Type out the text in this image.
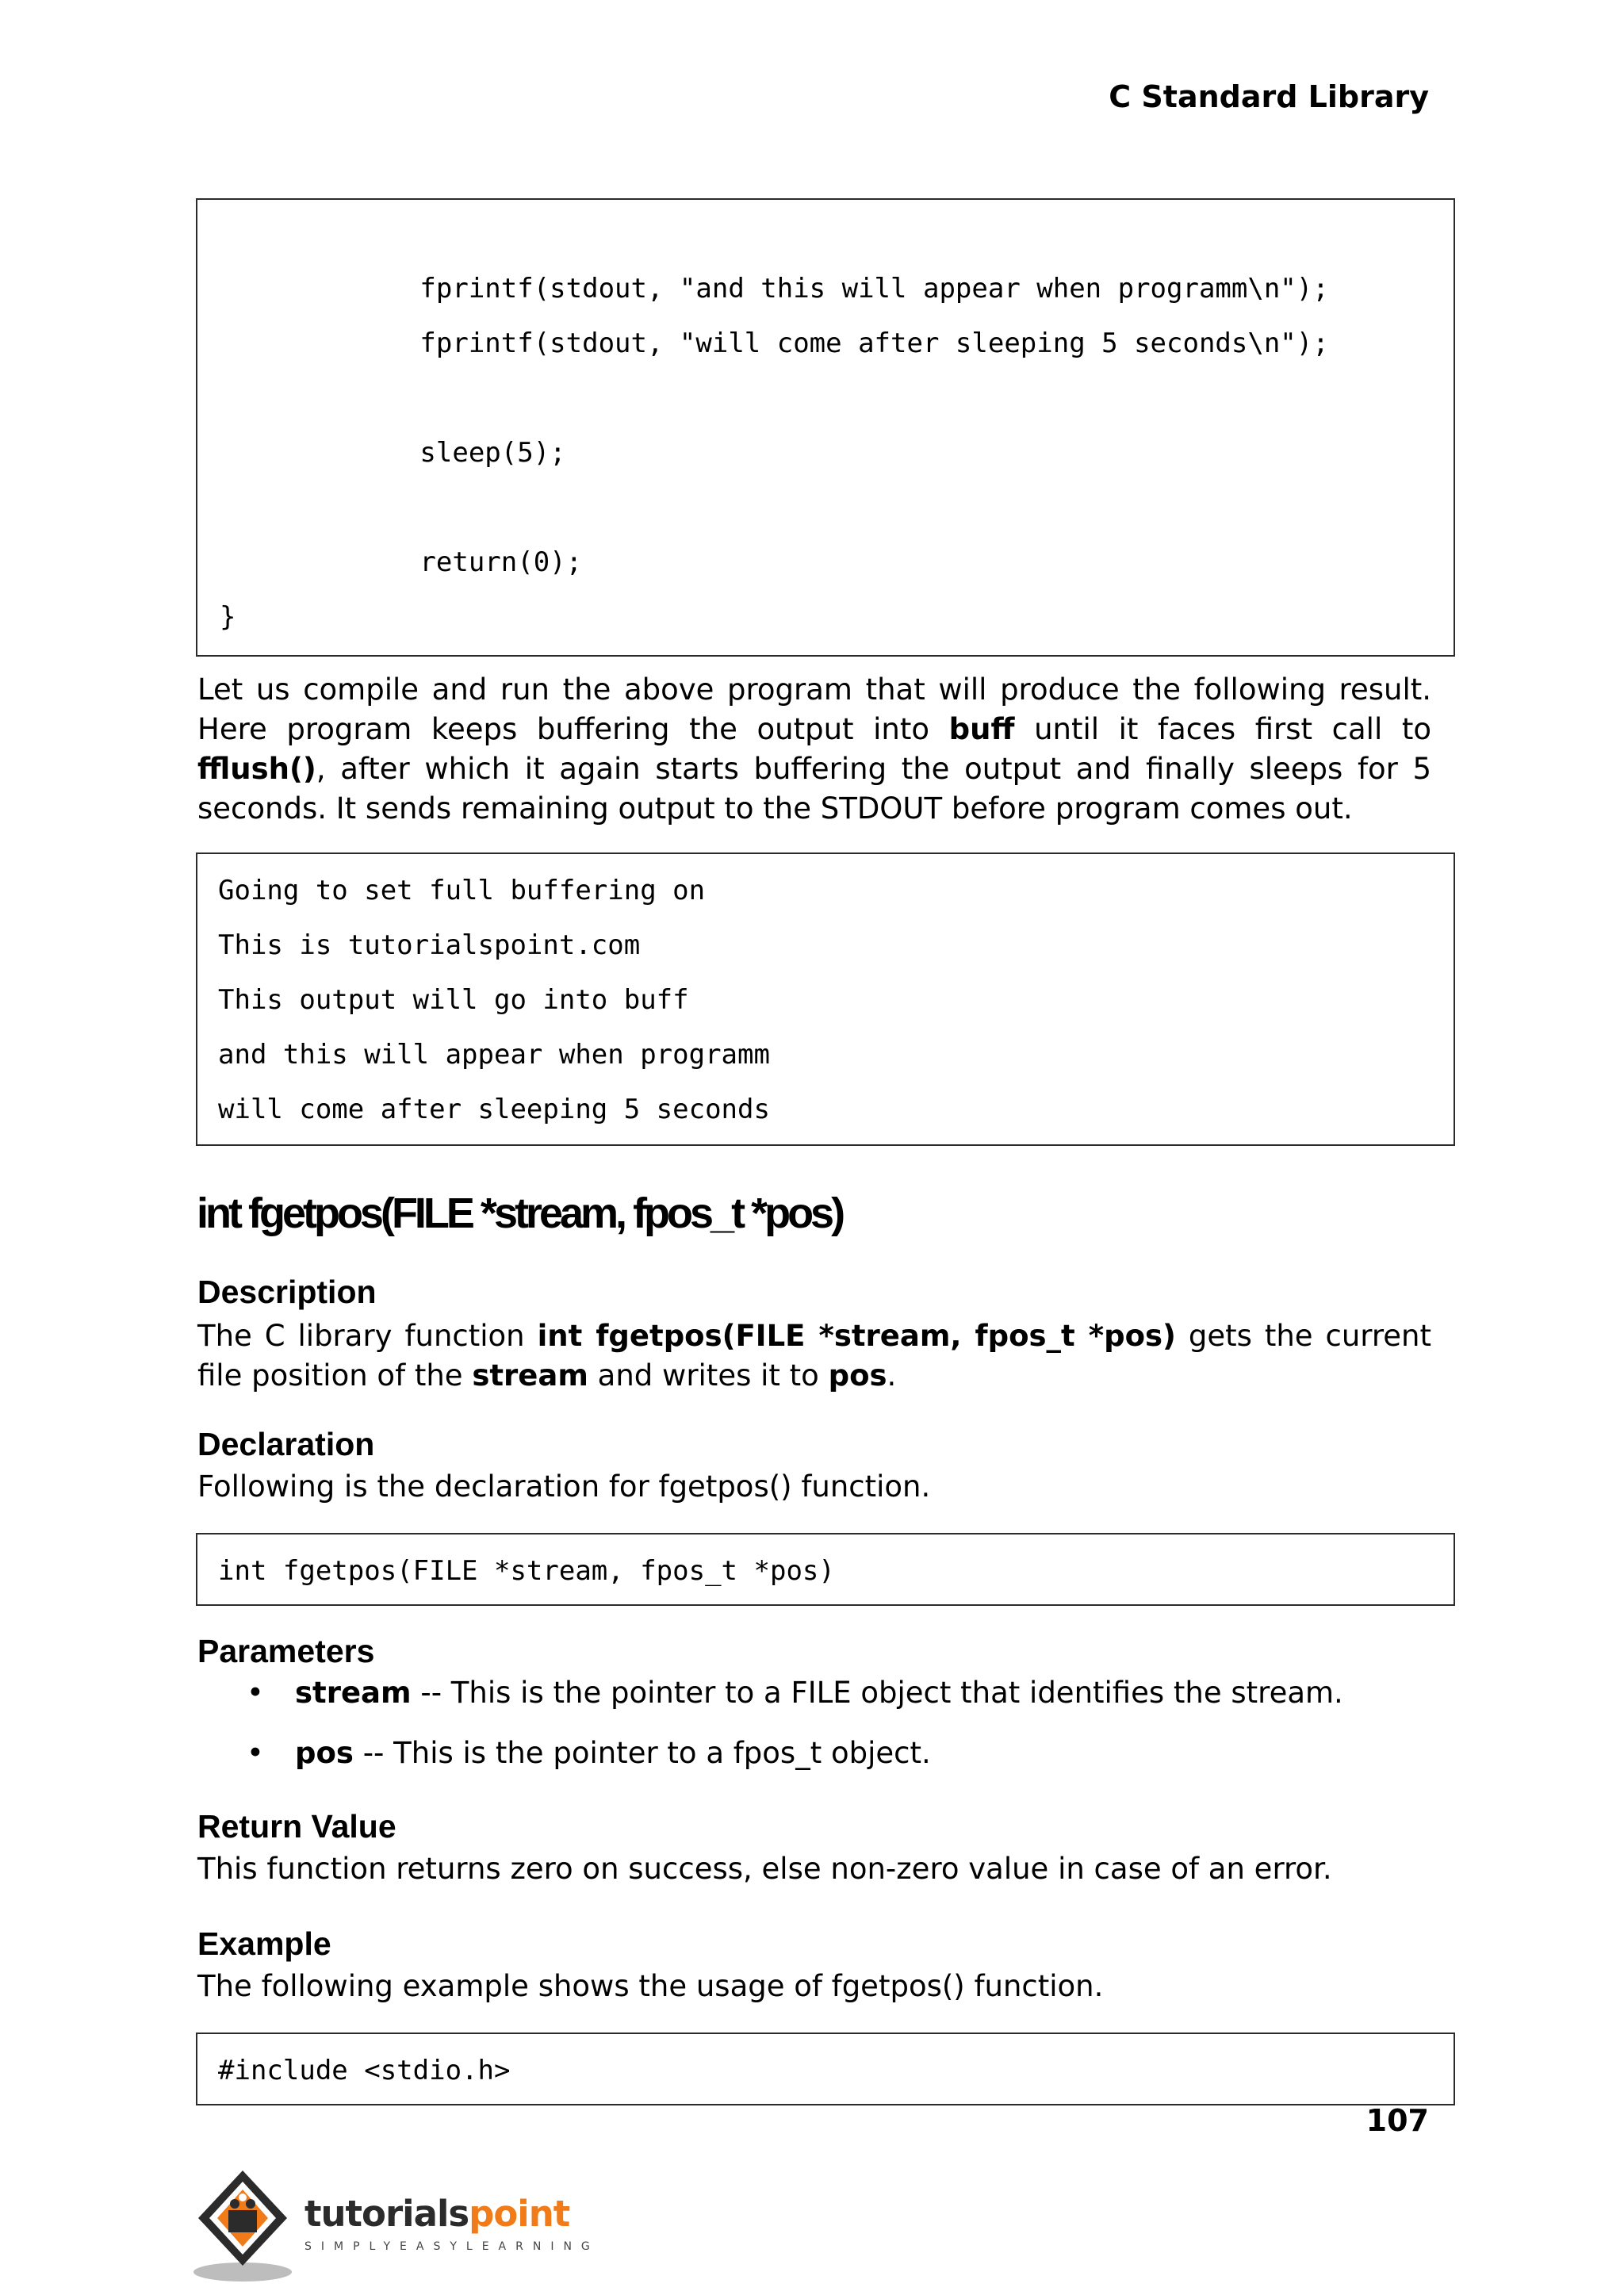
C Standard Library

fprintf(stdout, "and this will appear when programm\n");

fprintf(stdout, "will come after sleeping 5 seconds\n");

sleep(5);

return(0);

}

Let us compile and run the above program that will produce the following result. Here program keeps buffering the output into buff until it faces first call to fflush(), after which it again starts buffering the output and finally sleeps for 5 seconds. It sends remaining output to the STDOUT before program comes out.

Going to set full buffering on

This is tutorialspoint.com

This output will go into buff

and this will appear when programm

will come after sleeping 5 seconds

int fgetpos(FILE *stream, fpos_t *pos)
Description
The C library function int fgetpos(FILE *stream, fpos_t *pos) gets the current file position of the stream and writes it to pos.
Declaration
Following is the declaration for fgetpos() function.

int fgetpos(FILE *stream, fpos_t *pos)

Parameters
• stream -- This is the pointer to a FILE object that identifies the stream.
• pos -- This is the pointer to a fpos_t object.
Return Value
This function returns zero on success, else non-zero value in case of an error.
Example
The following example shows the usage of fgetpos() function.

#include <stdio.h>

107
tutorialspoint
SIMPLYEASYLEARNING
